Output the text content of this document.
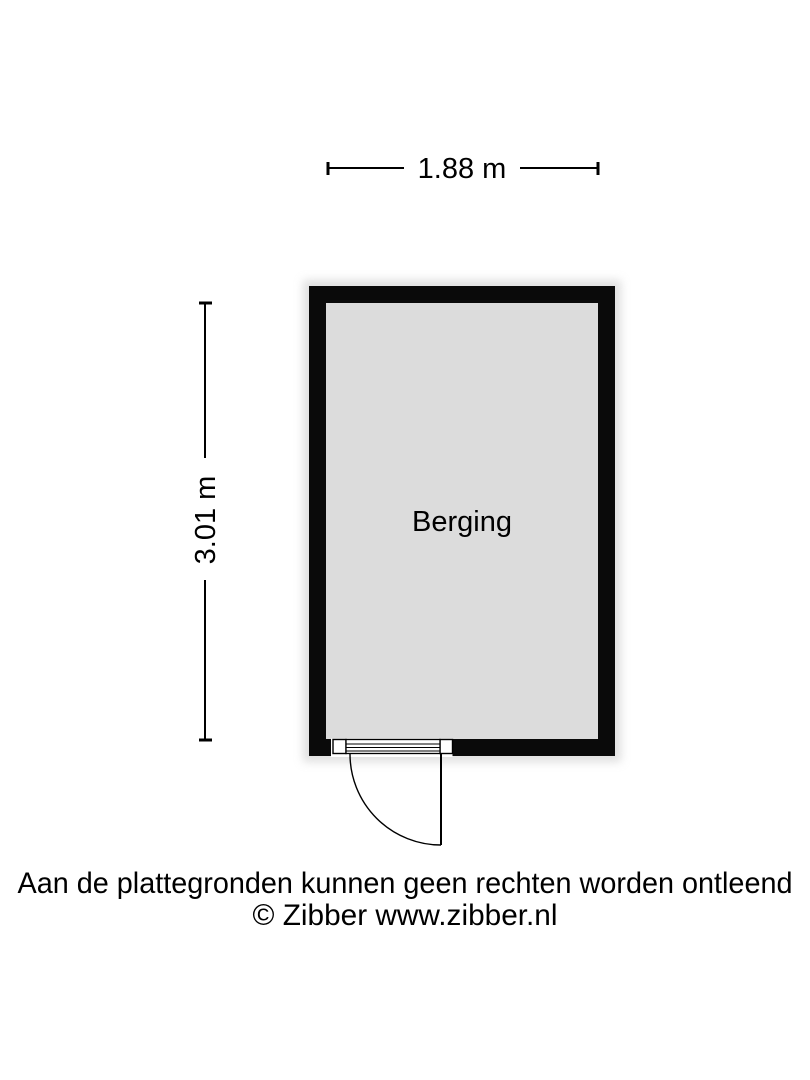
1.88 m
3.01 m	Berging
Aan de plattegronden kunnen geen rechten worden ontleend
© Zibber www.zibber.nl
